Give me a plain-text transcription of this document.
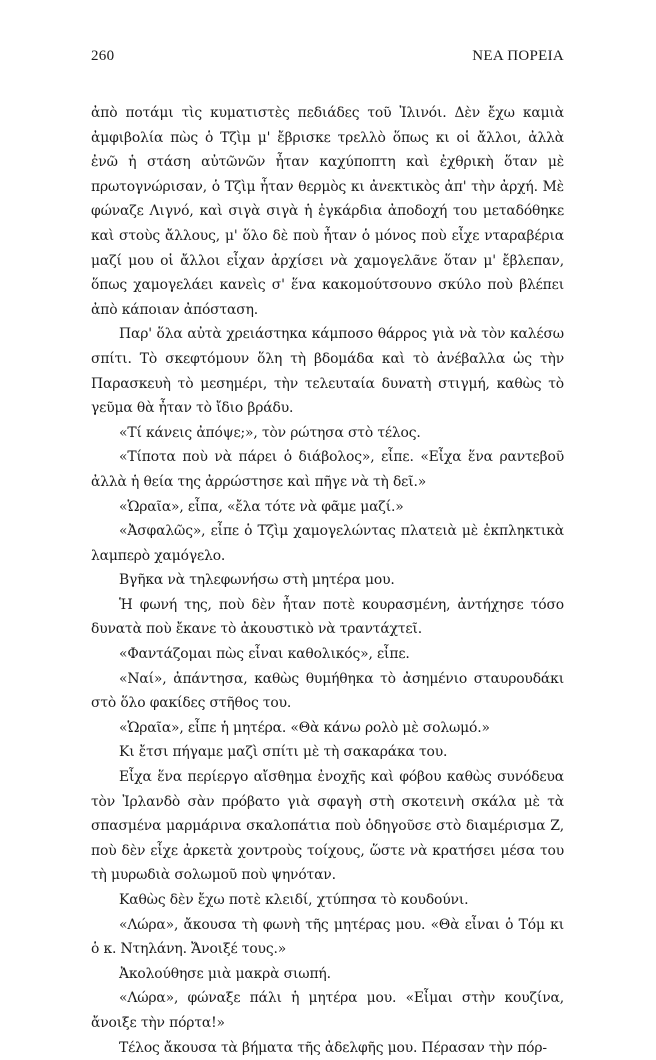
260	ΝΕΑ ΠΟΡΕΙΑ

ἀπὸ ποτάμι τὶς κυματιστὲς πεδιάδες τοῦ Ἰλινόι. Δὲν ἔχω καμιὰ ἀμφιβολία πὼς ὁ Τζὶμ μ' ἔβρισκε τρελλὸ ὅπως κι οἱ ἄλλοι, ἀλλὰ ἐνῶ ἡ στάση αὐτῶνῶν ἦταν καχύποπτη καὶ ἐχθρικὴ ὅταν μὲ πρωτογνώρισαν, ὁ Τζὶμ ἦταν θερμὸς κι ἀνεκτικὸς ἀπ' τὴν ἀρχή. Μὲ φώναζε Λιγνό, καὶ σιγὰ σιγὰ ἡ ἐγκάρδια ἀποδοχή του μεταδόθηκε καὶ στοὺς ἄλλους, μ' ὅλο δὲ ποὺ ἦταν ὁ μόνος ποὺ εἶχε νταραβέρια μαζί μου οἱ ἄλλοι εἶχαν ἀρχίσει νὰ χαμογελᾶνε ὅταν μ' ἔβλεπαν, ὅπως χαμογελάει κανεὶς σ' ἕνα κακομούτσουνο σκύλο ποὺ βλέπει ἀπὸ κάποιαν ἀπόσταση.

Παρ' ὅλα αὐτὰ χρειάστηκα κάμποσο θάρρος γιὰ νὰ τὸν καλέσω σπίτι. Τὸ σκεφτόμουν ὅλη τὴ βδομάδα καὶ τὸ ἀνέβαλλα ὡς τὴν Παρασκευὴ τὸ μεσημέρι, τὴν τελευταία δυνατὴ στιγμή, καθὼς τὸ γεῦμα θὰ ἦταν τὸ ἴδιο βράδυ.

«Τί κάνεις ἀπόψε;», τὸν ρώτησα στὸ τέλος.

«Τίποτα ποὺ νὰ πάρει ὁ διάβολος», εἶπε. «Εἶχα ἕνα ραντεβοῦ ἀλλὰ ἡ θεία της ἀρρώστησε καὶ πῆγε νὰ τὴ δεῖ.»

«Ὡραῖα», εἶπα, «ἔλα τότε νὰ φᾶμε μαζί.»

«Ἀσφαλῶς», εἶπε ὁ Τζὶμ χαμογελώντας πλατειὰ μὲ ἐκπληκτικὰ λαμπερὸ χαμόγελο.

Βγῆκα νὰ τηλεφωνήσω στὴ μητέρα μου.

Ἡ φωνή της, ποὺ δὲν ἦταν ποτὲ κουρασμένη, ἀντήχησε τόσο δυνατὰ ποὺ ἔκανε τὸ ἀκουστικὸ νὰ τραντάχτεῖ.

«Φαντάζομαι πὼς εἶναι καθολικός», εἶπε.

«Ναί», ἀπάντησα, καθὼς θυμήθηκα τὸ ἀσημένιο σταυρουδάκι στὸ ὅλο φακίδες στῆθος του.

«Ὡραῖα», εἶπε ἡ μητέρα. «Θὰ κάνω ρολὸ μὲ σολωμό.»

Κι ἔτσι πήγαμε μαζὶ σπίτι μὲ τὴ σακαράκα του.

Εἶχα ἕνα περίεργο αἴσθημα ἐνοχῆς καὶ φόβου καθὼς συνόδευα τὸν Ἰρλανδὸ σὰν πρόβατο γιὰ σφαγὴ στὴ σκοτεινὴ σκάλα μὲ τὰ σπασμένα μαρμάρινα σκαλοπάτια ποὺ ὁδηγοῦσε στὸ διαμέρισμα Ζ, ποὺ δὲν εἶχε ἀρκετὰ χοντροὺς τοίχους, ὥστε νὰ κρατήσει μέσα του τὴ μυρωδιὰ σολωμοῦ ποὺ ψηνόταν.

Καθὼς δὲν ἔχω ποτὲ κλειδί, χτύπησα τὸ κουδούνι.

«Λώρα», ἄκουσα τὴ φωνὴ τῆς μητέρας μου. «Θὰ εἶναι ὁ Τόμ κι ὁ κ. Ντηλάνη. Ἄνοιξέ τους.»

Ἀκολούθησε μιὰ μακρὰ σιωπή.

«Λώρα», φώναξε πάλι ἡ μητέρα μου. «Εἶμαι στὴν κουζίνα, ἄνοιξε τὴν πόρτα!»

Τέλος ἄκουσα τὰ βήματα τῆς ἀδελφῆς μου. Πέρασαν τὴν πόρ-
